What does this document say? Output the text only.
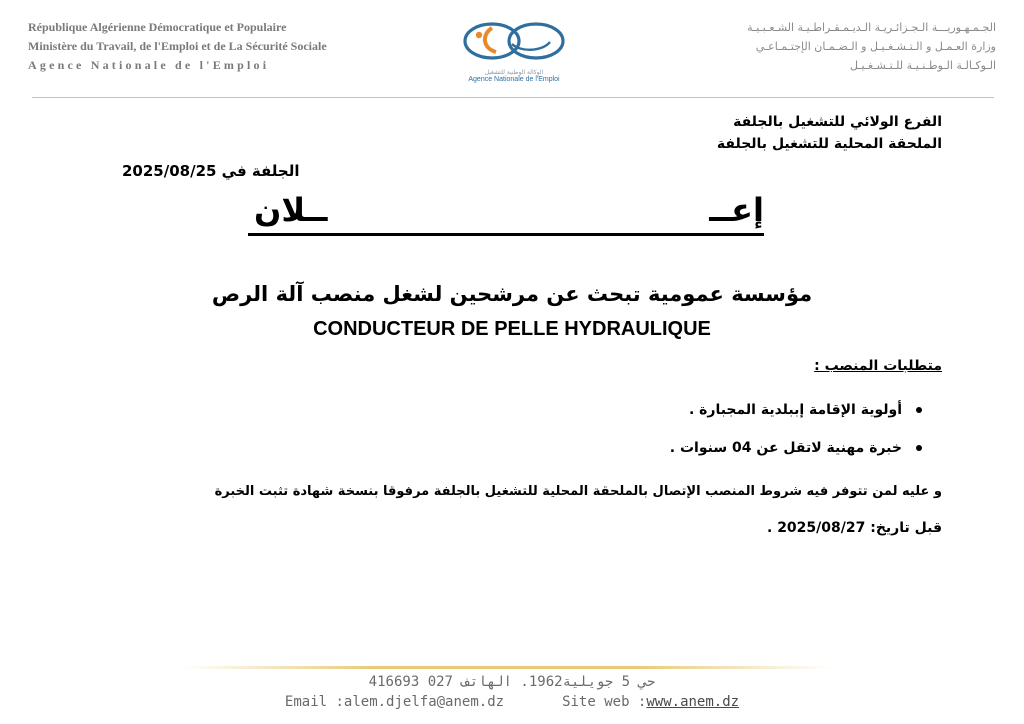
République Algérienne Démocratique et Populaire
Ministère du Travail, de l'Emploi et de La Sécurité Sociale
Agence Nationale de l'Emploi
الوكالة الوطنية للتشغيل
Agence Nationale de l'Emploi
الجـمـهـوريـــة الـجـزائـريـة الـديـمـقـراطـيـة الشـعـبـيـة
وزارة العـمـل و الـتـشـغـيـل و الـضـمـان الإجتـمـاعـي
الـوكـالـة الـوطـنـيـة للـتـشـغـيـل
الفرع الولائي للتشغيل بالجلفة
الملحقة المحلية للتشغيل بالجلفة
الجلفة في 2025/08/25
إعــ
ــلان
مؤسسة عمومية تبحث عن مرشحين لشغل منصب آلة الرص
CONDUCTEUR DE PELLE HYDRAULIQUE
متطلبات المنصب :
أولوية الإقامة إببلدية المجبارة .
خبرة مهنية لاتقل عن 04 سنوات .
و عليه لمن تتوفر فيه شروط المنصب الإتصال بالملحقة المحلية للتشغيل بالجلفة مرفوقا بنسخة شهادة تثبت الخبرة
قبل تاريخ: 2025/08/27 .
حي 5 جويلية1962. الهاتف 027 416693
Email :alem.djelfa@anem.dz	Site web :www.anem.dz
